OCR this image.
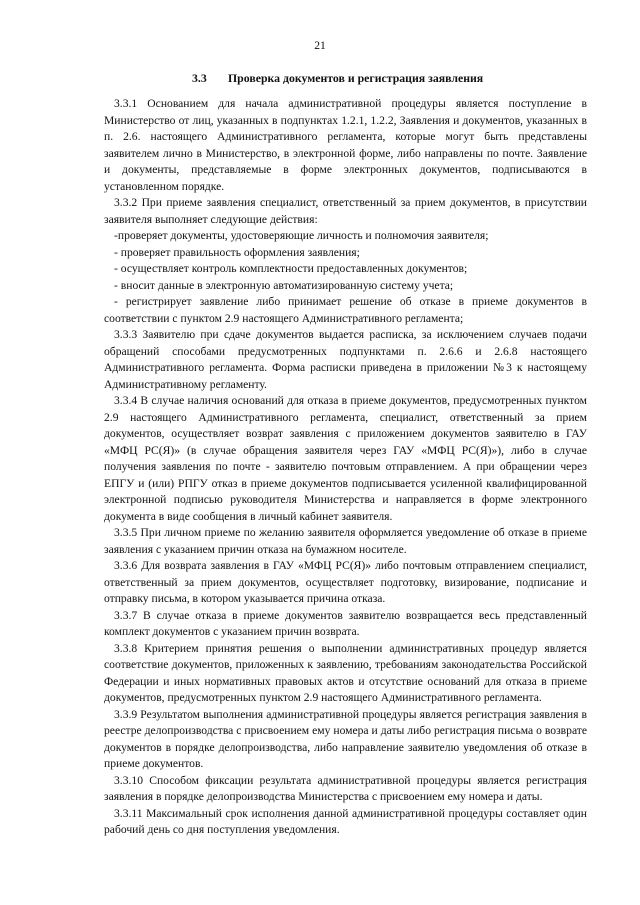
21
3.3 Проверка документов и регистрация заявления

3.3.1 Основанием для начала административной процедуры является поступление в Министерство от лиц, указанных в подпунктах 1.2.1, 1.2.2, Заявления и документов, указанных в п. 2.6. настоящего Административного регламента, которые могут быть представлены заявителем лично в Министерство, в электронной форме, либо направлены по почте. Заявление и документы, представляемые в форме электронных документов, подписываются в установленном порядке.

3.3.2 При приеме заявления специалист, ответственный за прием документов, в присутствии заявителя выполняет следующие действия:

-проверяет документы, удостоверяющие личность и полномочия заявителя;

- проверяет правильность оформления заявления;

- осуществляет контроль комплектности предоставленных документов;

- вносит данные в электронную автоматизированную систему учета;

- регистрирует заявление либо принимает решение об отказе в приеме документов в соответствии с пунктом 2.9 настоящего Административного регламента;

3.3.3 Заявителю при сдаче документов выдается расписка, за исключением случаев подачи обращений способами предусмотренных подпунктами п. 2.6.6 и 2.6.8 настоящего Административного регламента. Форма расписки приведена в приложении №3 к настоящему Административному регламенту.

3.3.4 В случае наличия оснований для отказа в приеме документов, предусмотренных пунктом 2.9 настоящего Административного регламента, специалист, ответственный за прием документов, осуществляет возврат заявления с приложением документов заявителю в ГАУ «МФЦ РС(Я)» (в случае обращения заявителя через ГАУ «МФЦ РС(Я)»), либо в случае получения заявления по почте - заявителю почтовым отправлением. А при обращении через ЕПГУ и (или) РПГУ отказ в приеме документов подписывается усиленной квалифицированной электронной подписью руководителя Министерства и направляется в форме электронного документа в виде сообщения в личный кабинет заявителя.

3.3.5 При личном приеме по желанию заявителя оформляется уведомление об отказе в приеме заявления с указанием причин отказа на бумажном носителе.

3.3.6 Для возврата заявления в ГАУ «МФЦ РС(Я)» либо почтовым отправлением специалист, ответственный за прием документов, осуществляет подготовку, визирование, подписание и отправку письма, в котором указывается причина отказа.

3.3.7 В случае отказа в приеме документов заявителю возвращается весь представленный комплект документов с указанием причин возврата.

3.3.8 Критерием принятия решения о выполнении административных процедур является соответствие документов, приложенных к заявлению, требованиям законодательства Российской Федерации и иных нормативных правовых актов и отсутствие оснований для отказа в приеме документов, предусмотренных пунктом 2.9 настоящего Административного регламента.

3.3.9 Результатом выполнения административной процедуры является регистрация заявления в реестре делопроизводства с присвоением ему номера и даты либо регистрация письма о возврате документов в порядке делопроизводства, либо направление заявителю уведомления об отказе в приеме документов.

3.3.10 Способом фиксации результата административной процедуры является регистрация заявления в порядке делопроизводства Министерства с присвоением ему номера и даты.

3.3.11 Максимальный срок исполнения данной административной процедуры составляет один рабочий день со дня поступления уведомления.
